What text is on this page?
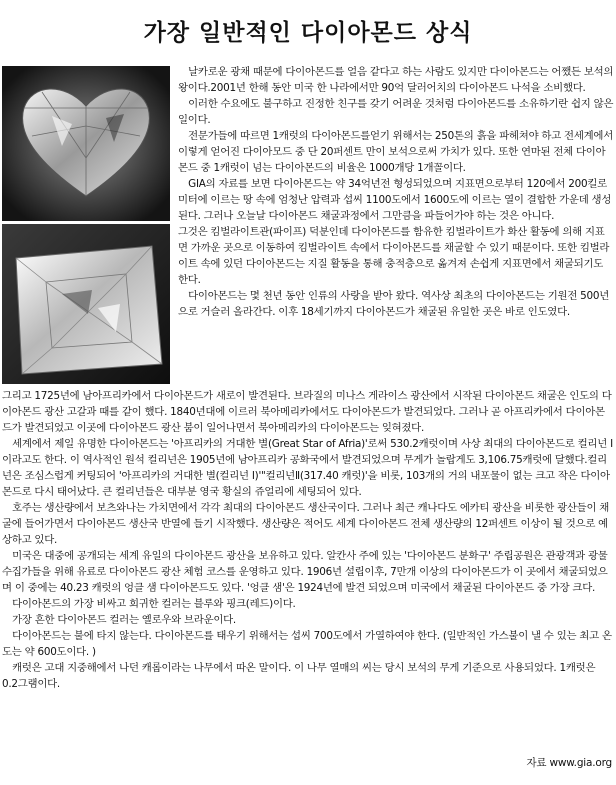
가장 일반적인 다이아몬드 상식

　날카로운 광채 때문에 다이아몬드를 얼음 같다고 하는 사람도 있지만 다이아몬드는 어쨌든 보석의 왕이다.2001년 한해 동안 미국 한 나라에서만 90억 달러어치의 다이아몬드 나석을 소비했다.

　이러한 수요에도 불구하고 진정한 친구를 갖기 어려운 것처럼 다이아몬드를 소유하기란 쉽지 않은 일이다.

　전문가들에 따르면 1캐럿의 다이아몬드를얻기 위해서는 250톤의 흙을 파헤쳐야 하고 전세계에서 이렇게 얻어진 다이아모드 중 단 20퍼센트 만이 보석으로써 가치가 있다. 또한 연마된 전체 다이아몬드 중 1캐럿이 넘는 다이아몬드의 비율은 1000개당 1개꼴이다.

　GIA의 자료를 보면 다이아몬드는 약 34억년전 형성되었으며 지표면으로부터 120에서 200킬로미터에 이르는 땅 속에 엄청난 압력과 섭씨 1100도에서 1600도에 이르는 열이 결합한 가운데 생성된다. 그러나 오늘날 다이아몬드 채굴과정에서 그만큼을 파들어가야 하는 것은 아니다.

그것은 킴벌라이트관(파이프) 덕분인데 다이아몬드를 함유한 킴벌라이트가 화산 활동에 의해 지표면 가까운 곳으로 이동하여 킴벌라이트 속에서 다이아몬드를 채굴할 수 있기 때문이다. 또한 킴벌라이트 속에 있던 다이아몬드는 지질 활동을 통해 충적층으로 옮겨져 손쉽게 지표면에서 채굴되기도 한다.

　다이아몬드는 몇 천년 동안 인류의 사랑을 받아 왔다. 역사상 최초의 다이아몬드는 기원전 500년으로 거슬러 올라간다. 이후 18세기까지 다이아몬드가 채굴된 유일한 곳은 바로 인도였다.

그리고 1725년에 남아프리카에서 다이아몬드가 새로이 발견된다. 브라질의 미나스 게라이스 광산에서 시작된 다이아몬드 채굴은 인도의 다이아몬드 광산 고갈과 때를 같이 했다. 1840년대에 이르러 북아메리카에서도 다이아몬드가 발견되었다. 그러나 곧 아프리카에서 다이아몬드가 발견되었고 이곳에 다이아몬드 광산 붐이 일어나면서 북아메리카의 다이아몬드는 잊혀졌다.

　세계에서 제일 유명한 다이아몬드는 '아프리카의 거대한 별(Great Star of Afria)'로써 530.2캐럿이며 사상 최대의 다이아몬드로 컬리넌 Ⅰ 이라고도 한다. 이 역사적인 원석 컬리넌은 1905년에 남아프리카 공화국에서 발견되었으며 무게가 놀랍게도 3,106.75캐럿에 달했다.컬리넌은 조심스럽게 커팅되어 '아프리카의 거대한 별(컬리넌 Ⅰ)'"컬리넌Ⅱ(317.40 캐럿)'을 비롯, 103개의 거의 내포물이 없는 크고 작은 다이아몬드로 다시 태어났다. 큰 컬리넌들은 대부분 영국 황실의 쥬얼리에 세팅되어 있다.

　호주는 생산량에서 보츠와나는 가치면에서 각각 최대의 다이아몬드 생산국이다. 그러나 최근 캐나다도 에카티 광산을 비롯한 광산들이 채굴에 들어가면서 다이아몬드 생산국 반열에 들기 시작했다. 생산량은 적어도 세계 다이아몬드 전체 생산량의 12퍼센트 이상이 될 것으로 예상하고 있다.

　미국은 대중에 공개되는 세계 유일의 다이아몬드 광산을 보유하고 있다. 알칸사 주에 있는 '다이아몬드 분화구' 주립공원은 관광객과 광물 수집가들을 위해 유료로 다이아몬드 광산 체험 코스를 운영하고 있다. 1906년 설립이후, 7만개 이상의 다이아몬드가 이 곳에서 채굴되었으며 이 중에는 40.23 캐럿의 엉클 샘 다이아몬드도 있다. '엉클 샘'은 1924년에 발견 되었으며 미국에서 채굴된 다이아몬드 중 가장 크다.

　다이아몬드의 가장 비싸고 희귀한 컬러는 블루와 핑크(레드)이다.

　가장 흔한 다이아몬드 컬러는 옐로우와 브라운이다.

　다이아몬드는 불에 타지 않는다. 다이아몬드를 태우기 위해서는 섭씨 700도에서 가열하여야 한다. (일반적인 가스불이 낼 수 있는 최고 온도는 약 600도이다. )

　캐럿은 고대 지중해에서 나던 캐롭이라는 나무에서 따온 말이다. 이 나무 열매의 씨는 당시 보석의 무게 기준으로 사용되었다. 1캐럿은 0.2그램이다.

자료 www.gia.org
